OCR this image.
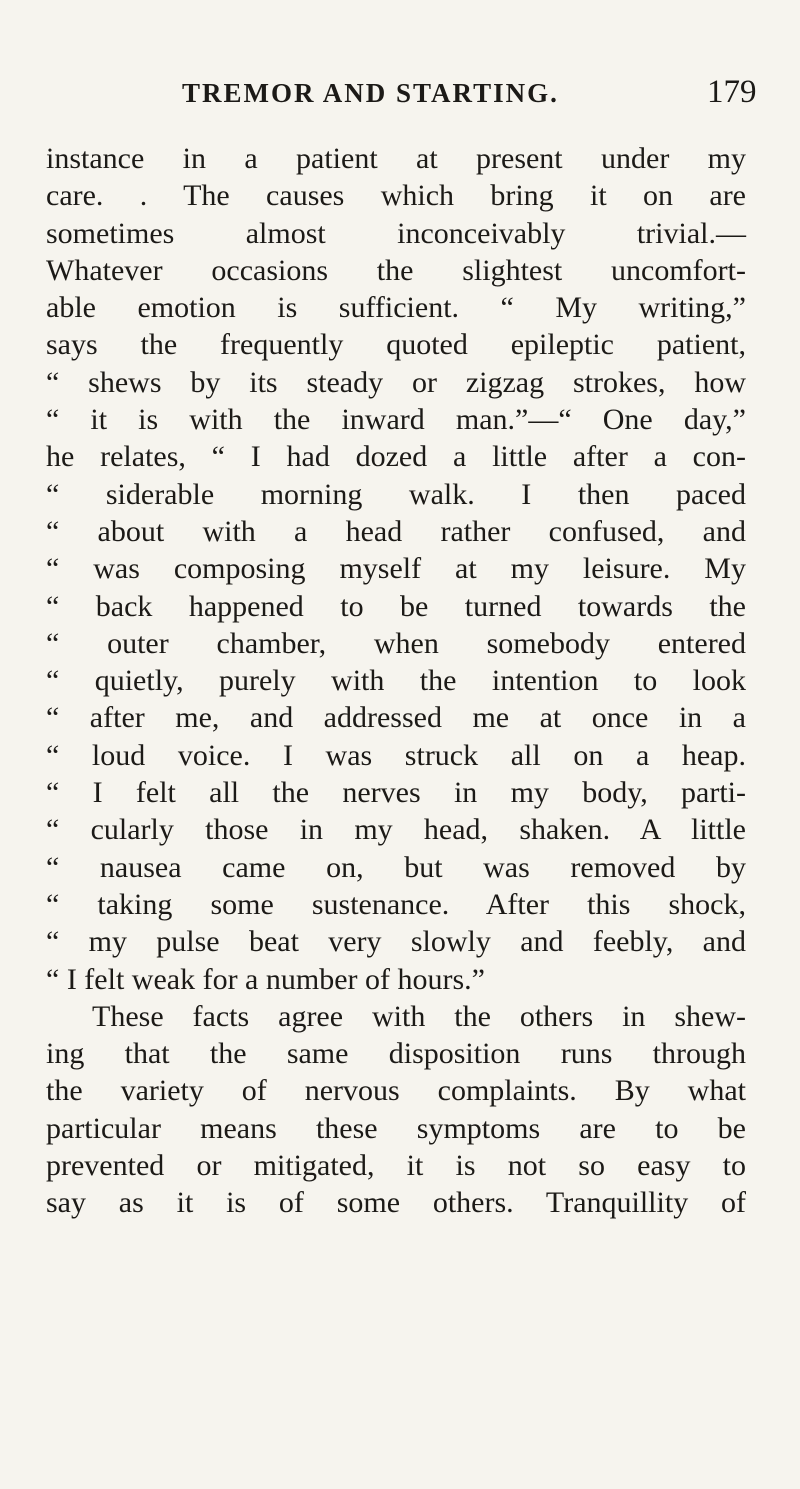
TREMOR AND STARTING.	179
instance in a patient at present under my
care. . The causes which bring it on are
sometimes almost inconceivably trivial.—
Whatever occasions the slightest uncomfort-
able emotion is sufficient. “ My writing,”
says the frequently quoted epileptic patient,
“ shews by its steady or zigzag strokes, how
“ it is with the inward man.”—“ One day,”
he relates, “ I had dozed a little after a con-
“ siderable morning walk. I then paced
“ about with a head rather confused, and
“ was composing myself at my leisure. My
“ back happened to be turned towards the
“ outer chamber, when somebody entered
“ quietly, purely with the intention to look
“ after me, and addressed me at once in a
“ loud voice. I was struck all on a heap.
“ I felt all the nerves in my body, parti-
“ cularly those in my head, shaken. A little
“ nausea came on, but was removed by
“ taking some sustenance. After this shock,
“ my pulse beat very slowly and feebly, and
“ I felt weak for a number of hours.”
These facts agree with the others in shew-
ing that the same disposition runs through
the variety of nervous complaints. By what
particular means these symptoms are to be
prevented or mitigated, it is not so easy to
say as it is of some others. Tranquillity of
